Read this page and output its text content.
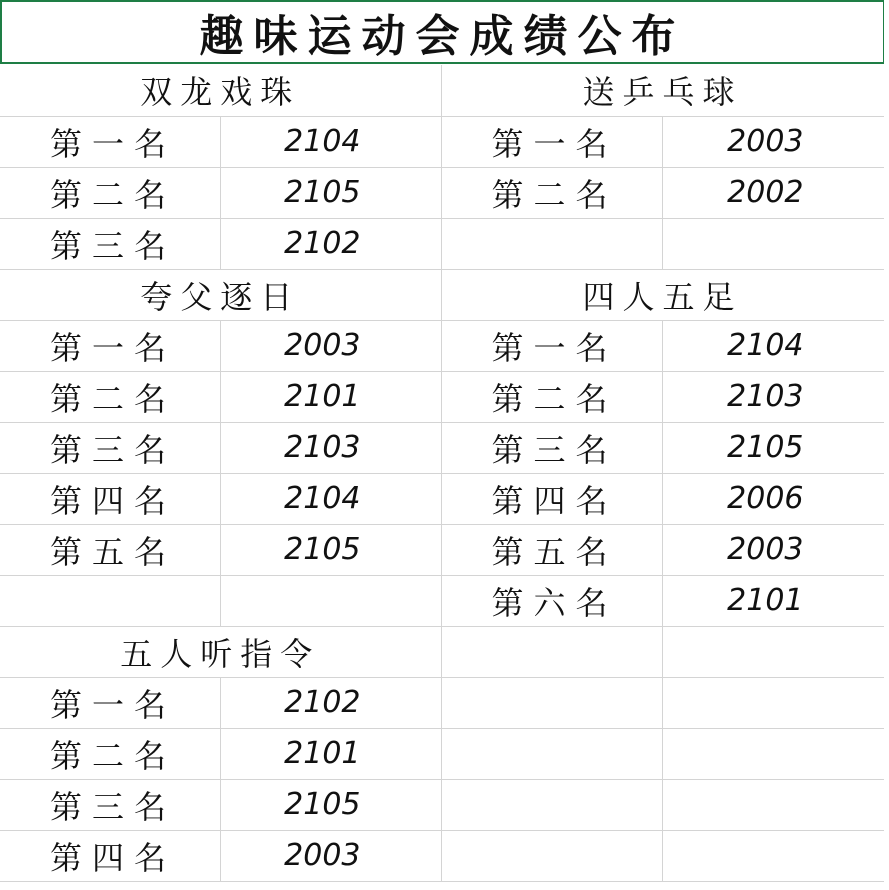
趣味运动会成绩公布
双龙戏珠		送乒乓球	
第一名	2104	第一名	2003
第二名	2105	第二名	2002
第三名	2102		
夸父逐日		四人五足	
第一名	2003	第一名	2104
第二名	2101	第二名	2103
第三名	2103	第三名	2105
第四名	2104	第四名	2006
第五名	2105	第五名	2003
		第六名	2101
五人听指令			
第一名	2102		
第二名	2101		
第三名	2105		
第四名	2003		
